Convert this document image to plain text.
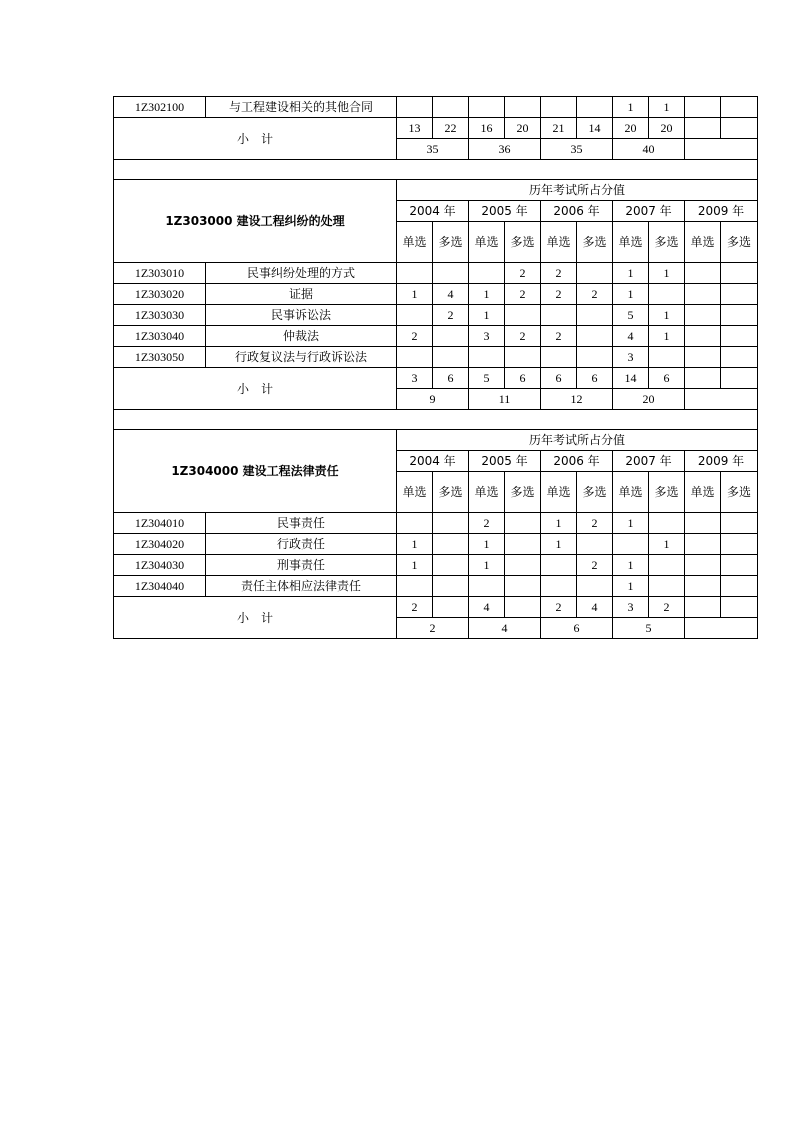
1Z302100	与工程建设相关的其他合同							1	1		
小　计		13	22	16	20	21	14	20	20		
		35		36		35		40			

1Z303000 建设工程纠纷的处理		历年考试所占分值									
		2004 年		2005 年		2006 年		2007 年		2009 年	
		单选	多选	单选	多选	单选	多选	单选	多选	单选	多选
1Z303010	民事纠纷处理的方式				2	2		1	1		
1Z303020	证据	1	4	1	2	2	2	1			
1Z303030	民事诉讼法		2	1				5	1		
1Z303040	仲裁法	2		3	2	2		4	1		
1Z303050	行政复议法与行政诉讼法							3			
小　计		3	6	5	6	6	6	14	6		
		9		11		12		20			

1Z304000 建设工程法律责任		历年考试所占分值									
		2004 年		2005 年		2006 年		2007 年		2009 年	
		单选	多选	单选	多选	单选	多选	单选	多选	单选	多选
1Z304010	民事责任			2		1	2	1			
1Z304020	行政责任	1		1		1			1		
1Z304030	刑事责任	1		1			2	1			
1Z304040	责任主体相应法律责任							1			
小　计		2		4		2	4	3	2		
		2		4		6		5			
